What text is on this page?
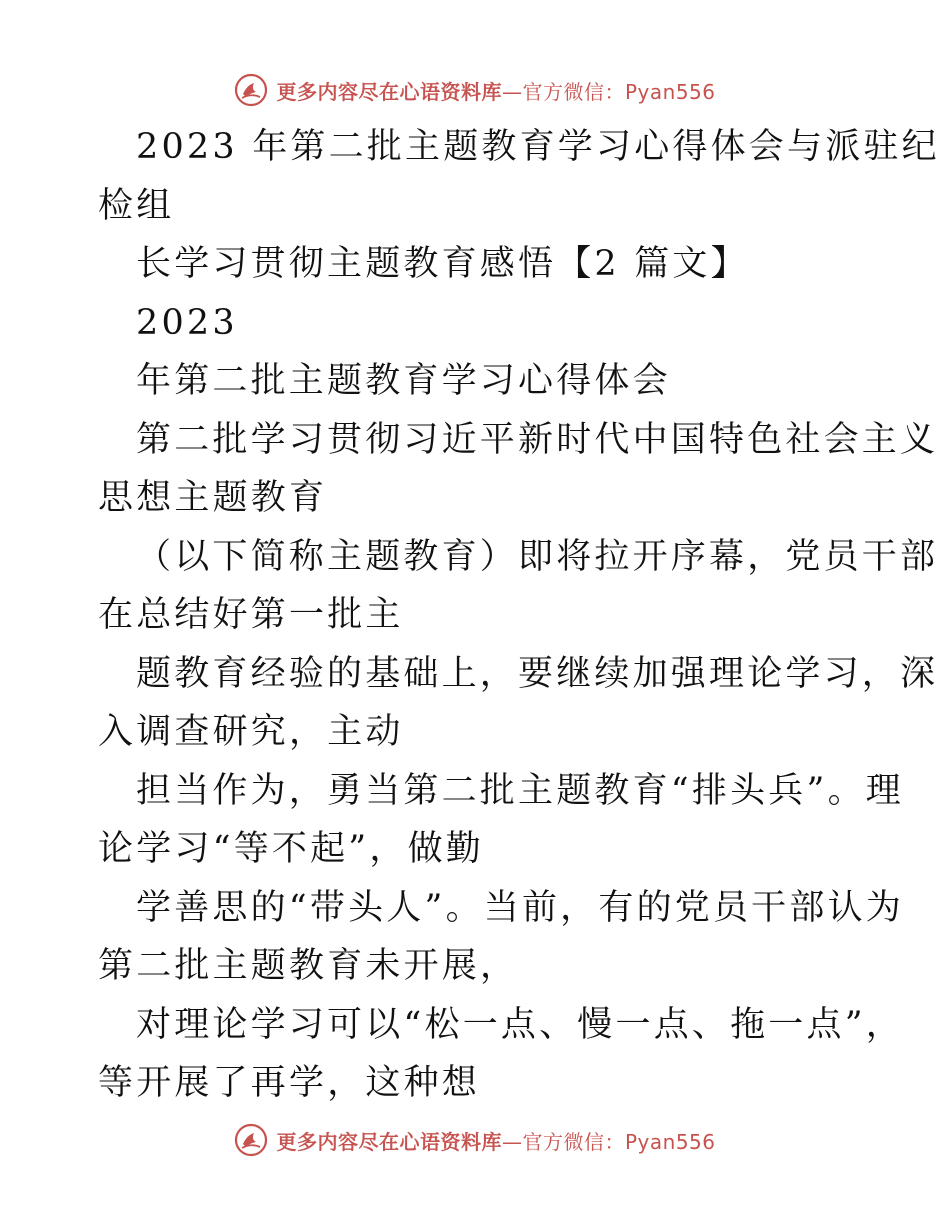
更多内容尽在心语资料库—官方微信：Pyan556
2023 年第二批主题教育学习心得体会与派驻纪
检组
长学习贯彻主题教育感悟【2 篇文】
2023
年第二批主题教育学习心得体会
第二批学习贯彻习近平新时代中国特色社会主义
思想主题教育
（以下简称主题教育）即将拉开序幕，党员干部
在总结好第一批主
题教育经验的基础上，要继续加强理论学习，深
入调查研究，主动
担当作为，勇当第二批主题教育“排头兵”。理
论学习“等不起”，做勤
学善思的“带头人”。当前，有的党员干部认为
第二批主题教育未开展，
对理论学习可以“松一点、慢一点、拖一点”，
等开展了再学，这种想
更多内容尽在心语资料库—官方微信：Pyan556
